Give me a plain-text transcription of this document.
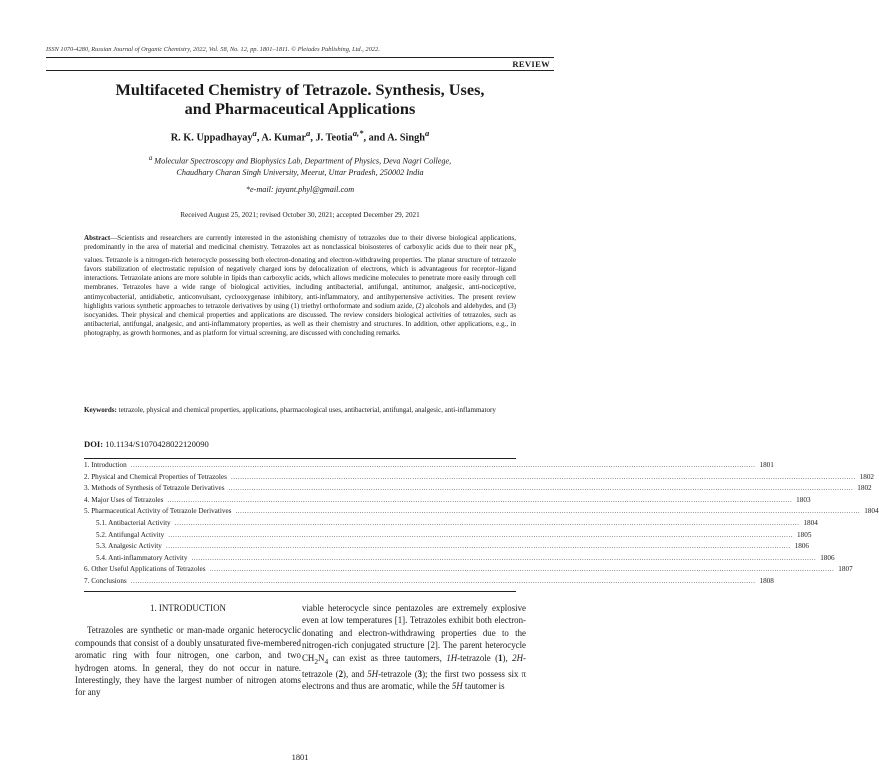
ISSN 1070-4280, Russian Journal of Organic Chemistry, 2022, Vol. 58, No. 12, pp. 1801–1811. © Pleiades Publishing, Ltd., 2022.
REVIEW
Multifaceted Chemistry of Tetrazole. Synthesis, Uses,
and Pharmaceutical Applications
R. K. Uppadhayay$^a$, A. Kumar$^a$, J. Teotia$^{a,*}$, and A. Singh$^a$
$^a$ Molecular Spectroscopy and Biophysics Lab, Department of Physics, Deva Nagri College,
Chaudhary Charan Singh University, Meerut, Uttar Pradesh, 250002 India
*e-mail: jayant.phyl@gmail.com
Received August 25, 2021; revised October 30, 2021; accepted December 29, 2021
Abstract—Scientists and researchers are currently interested in the astonishing chemistry of tetrazoles due to their diverse biological applications, predominantly in the area of material and medicinal chemistry. Tetrazoles act as nonclassical bioisosteres of carboxylic acids due to their near $pK_a$ values. Tetrazole is a nitrogen-rich heterocycle possessing both electron-donating and electron-withdrawing properties. The planar structure of tetrazole favors stabilization of electrostatic repulsion of negatively charged ions by delocalization of electrons, which is advantageous for receptor–ligand interactions. Tetrazolate anions are more soluble in lipids than carboxylic acids, which allows medicine molecules to penetrate more easily through cell membranes. Tetrazoles have a wide range of biological activities, including antibacterial, antifungal, antitumor, analgesic, anti-nociceptive, antimycobacterial, antidiabetic, anticonvulsant, cyclooxygenase inhibitory, anti-inflammatory, and antihypertensive activities. The present review highlights various synthetic approaches to tetrazole derivatives by using (1) triethyl orthoformate and sodium azide, (2) alcohols and aldehydes, and (3) isocyanides. Their physical and chemical properties and applications are discussed. The review considers biological activities of tetrazoles, such as antibacterial, antifungal, analgesic, and anti-inflammatory properties, as well as their chemistry and structures. In addition, other applications, e.g., in photography, as growth hormones, and as platform for virtual screening, are discussed with concluding remarks.
Keywords: tetrazole, physical and chemical properties, applications, pharmacological uses, antibacterial, antifungal, analgesic, anti-inflammatory
DOI: 10.1134/S1070428022120090
1. Introduction ................................................................................................................................................................................................................................................................................ 1801
2. Physical and Chemical Properties of Tetrazoles ................................................................................................................................................................................................................................................................................ 1802
3. Methods of Synthesis of Tetrazole Derivatives ................................................................................................................................................................................................................................................................................ 1802
4. Major Uses of Tetrazoles ................................................................................................................................................................................................................................................................................ 1803
5. Pharmaceutical Activity of Tetrazole Derivatives ................................................................................................................................................................................................................................................................................ 1804
5.1. Antibacterial Activity ................................................................................................................................................................................................................................................................................ 1804
5.2. Antifungal Activity ................................................................................................................................................................................................................................................................................ 1805
5.3. Analgesic Activity ................................................................................................................................................................................................................................................................................ 1806
5.4. Anti-inflammatory Activity ................................................................................................................................................................................................................................................................................ 1806
6. Other Useful Applications of Tetrazoles ................................................................................................................................................................................................................................................................................ 1807
7. Conclusions ................................................................................................................................................................................................................................................................................ 1808
1. INTRODUCTION

Tetrazoles are synthetic or man-made organic heterocyclic compounds that consist of a doubly unsaturated five-membered aromatic ring with four nitrogen, one carbon, and two hydrogen atoms. In general, they do not occur in nature. Interestingly, they have the largest number of nitrogen atoms for any

viable heterocycle since pentazoles are extremely explosive even at low temperatures [1]. Tetrazoles exhibit both electron-donating and electron-withdrawing properties due to the nitrogen-rich conjugated structure [2]. The parent heterocycle $CH_2N_4$ can exist as three tautomers, 1H-tetrazole (1), 2H-tetrazole (2), and 5H-tetrazole (3); the first two possess six π electrons and thus are aromatic, while the 5H tautomer is

1801
